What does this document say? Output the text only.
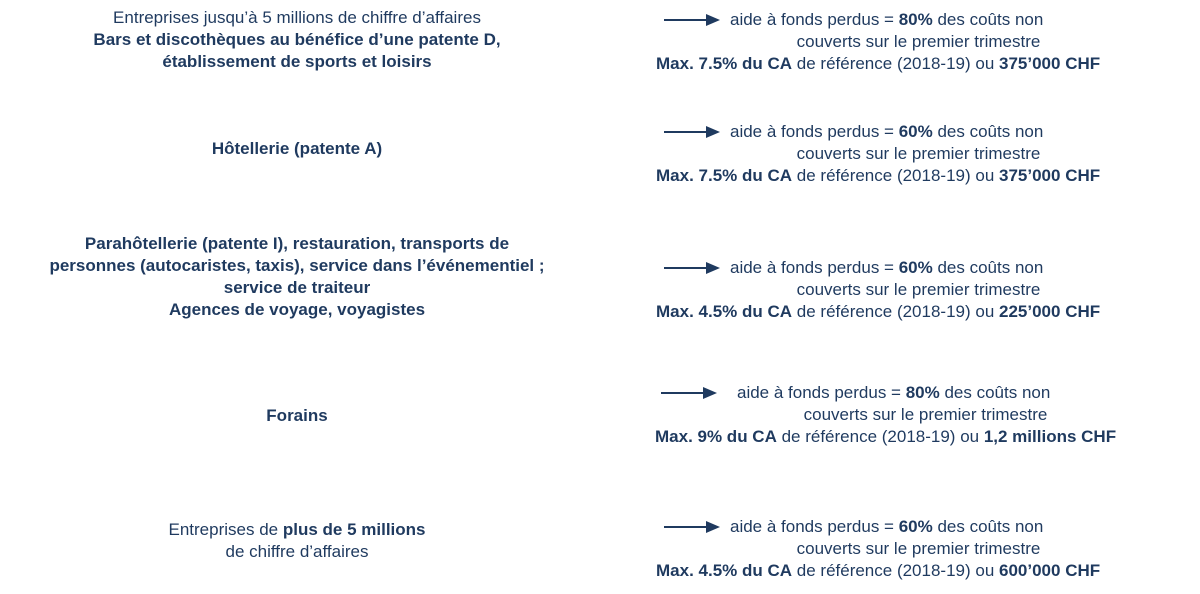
Entreprises jusqu’à 5 millions de chiffre d’affaires
Bars et discothèques au bénéfice d’une patente D,
établissement de sports et loisirs
aide à fonds perdus = 80% des coûts non
couverts sur le premier trimestre
Max. 7.5% du CA de référence (2018-19) ou 375’000 CHF
Hôtellerie (patente A)
aide à fonds perdus = 60% des coûts non
couverts sur le premier trimestre
Max. 7.5% du CA de référence (2018-19) ou 375’000 CHF
Parahôtellerie (patente I), restauration, transports de
personnes (autocaristes, taxis), service dans l’événementiel ;
service de traiteur
Agences de voyage, voyagistes
aide à fonds perdus = 60% des coûts non
couverts sur le premier trimestre
Max. 4.5% du CA de référence (2018-19) ou 225’000 CHF
Forains
aide à fonds perdus = 80% des coûts non
couverts sur le premier trimestre
Max. 9% du CA de référence (2018-19) ou 1,2 millions CHF
Entreprises de plus de 5 millions
de chiffre d’affaires
aide à fonds perdus = 60% des coûts non
couverts sur le premier trimestre
Max. 4.5% du CA de référence (2018-19) ou 600’000 CHF
